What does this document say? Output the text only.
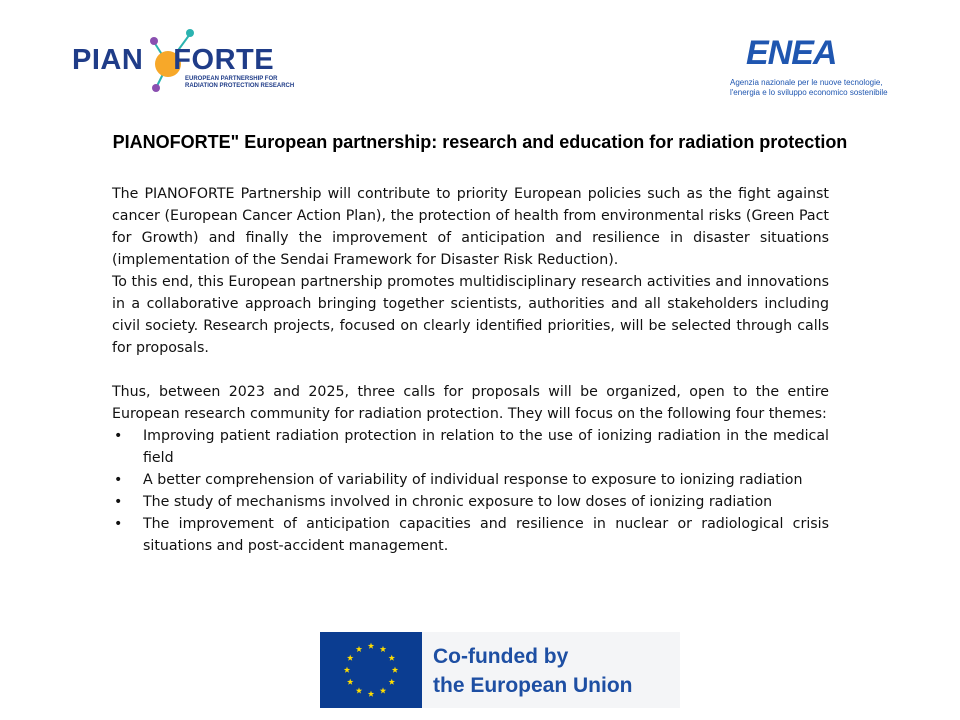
PIAN FORTE
EUROPEAN PARTNERSHIP FOR
RADIATION PROTECTION RESEARCH
ENEA
Agenzia nazionale per le nuove tecnologie,
l'energia e lo sviluppo economico sostenibile
PIANOFORTE" European partnership: research and education for radiation protection

The PIANOFORTE Partnership will contribute to priority European policies such as the fight against cancer (European Cancer Action Plan), the protection of health from environmental risks (Green Pact for Growth) and finally the improvement of anticipation and resilience in disaster situations (implementation of the Sendai Framework for Disaster Risk Reduction).

To this end, this European partnership promotes multidisciplinary research activities and innovations in a collaborative approach bringing together scientists, authorities and all stakeholders including civil society. Research projects, focused on clearly identified priorities, will be selected through calls for proposals.

Thus, between 2023 and 2025, three calls for proposals will be organized, open to the entire European research community for radiation protection. They will focus on the following four themes:

• Improving patient radiation protection in relation to the use of ionizing radiation in the medical field
• A better comprehension of variability of individual response to exposure to ionizing radiation
• The study of mechanisms involved in chronic exposure to low doses of ionizing radiation
• The improvement of anticipation capacities and resilience in nuclear or radiological crisis situations and post-accident management.
Co-funded by
the European Union
